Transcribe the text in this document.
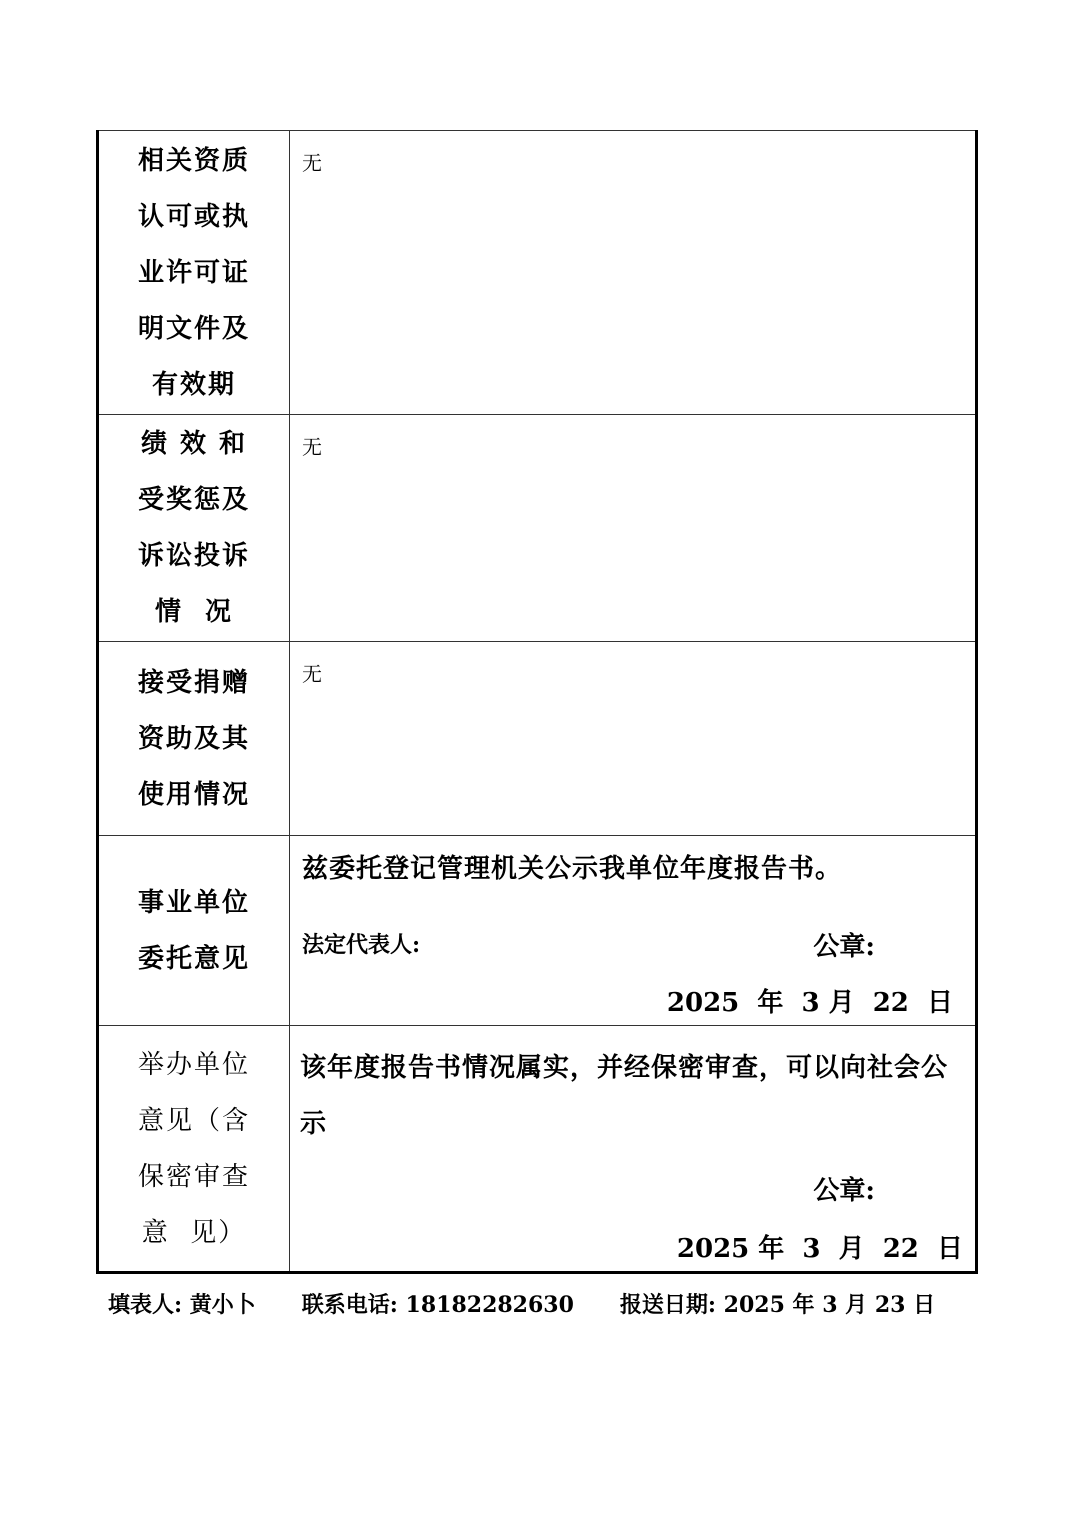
相关资质
认可或执
业许可证
明文件及
有效期	无

绩 效 和
受奖惩及
诉讼投诉
情  况	无

接受捐赠
资助及其
使用情况	无

事业单位
委托意见	兹委托登记管理机关公示我单位年度报告书。
法定代表人: 公章:
2025  年  3 月  22  日

举办单位
意见（含
保密审查
意  见）	该年度报告书情况属实，并经保密审查，可以向社会公示
公章:
2025 年  3  月  22  日
填表人: 黄小卜 联系电话: 18182282630 报送日期: 2025 年 3 月 23 日
